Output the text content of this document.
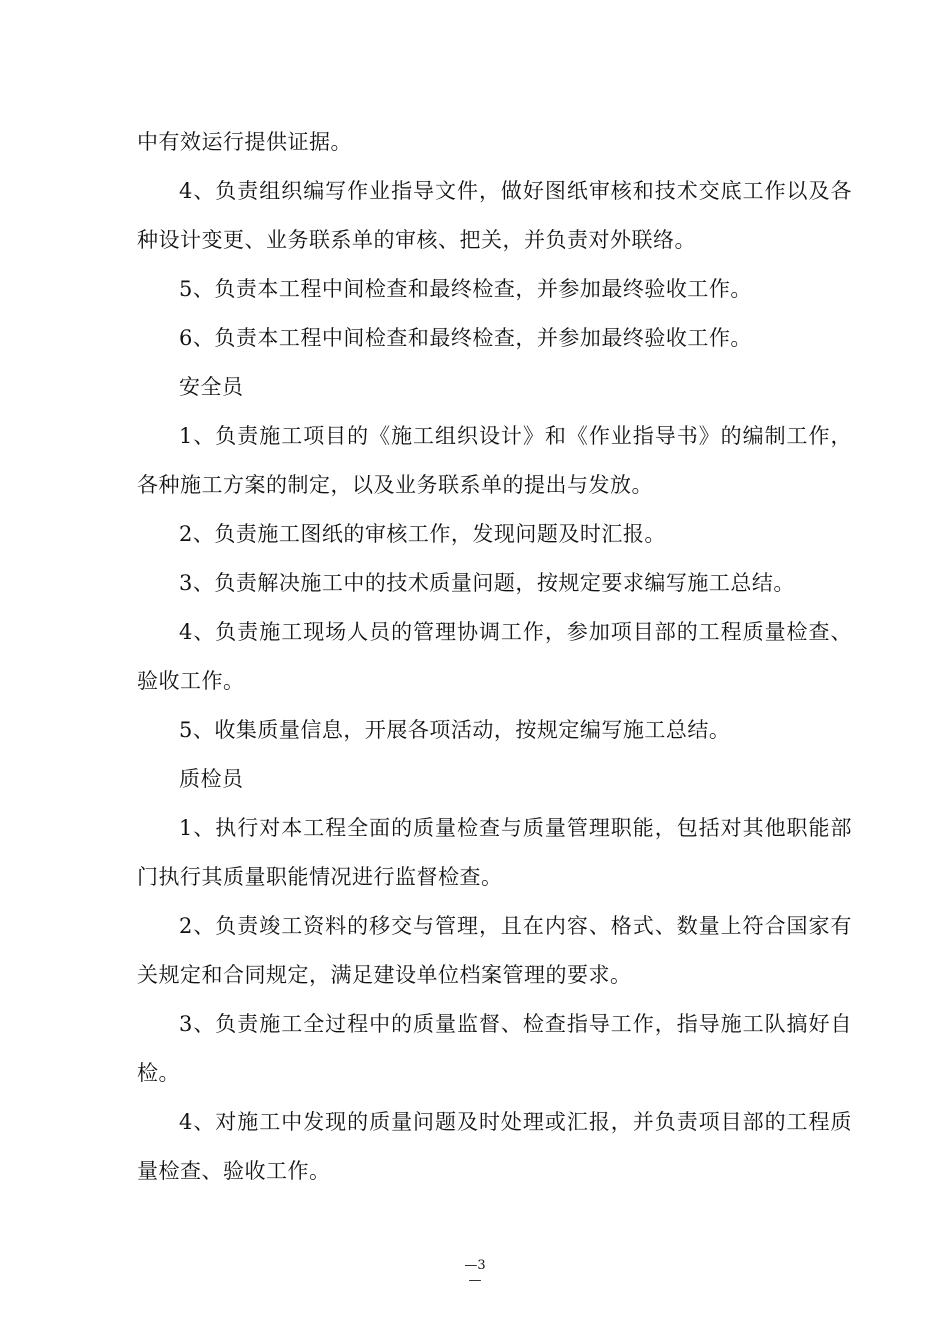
中有效运行提供证据。

4、负责组织编写作业指导文件，做好图纸审核和技术交底工作以及各种设计变更、业务联系单的审核、把关，并负责对外联络。

5、负责本工程中间检查和最终检查，并参加最终验收工作。

6、负责本工程中间检查和最终检查，并参加最终验收工作。

安全员

1、负责施工项目的《施工组织设计》和《作业指导书》的编制工作，各种施工方案的制定，以及业务联系单的提出与发放。

2、负责施工图纸的审核工作，发现问题及时汇报。

3、负责解决施工中的技术质量问题，按规定要求编写施工总结。

4、负责施工现场人员的管理协调工作，参加项目部的工程质量检查、验收工作。

5、收集质量信息，开展各项活动，按规定编写施工总结。

质检员

1、执行对本工程全面的质量检查与质量管理职能，包括对其他职能部门执行其质量职能情况进行监督检查。

2、负责竣工资料的移交与管理，且在内容、格式、数量上符合国家有关规定和合同规定，满足建设单位档案管理的要求。

3、负责施工全过程中的质量监督、检查指导工作，指导施工队搞好自检。

4、对施工中发现的质量问题及时处理或汇报，并负责项目部的工程质量检查、验收工作。

—3
—
